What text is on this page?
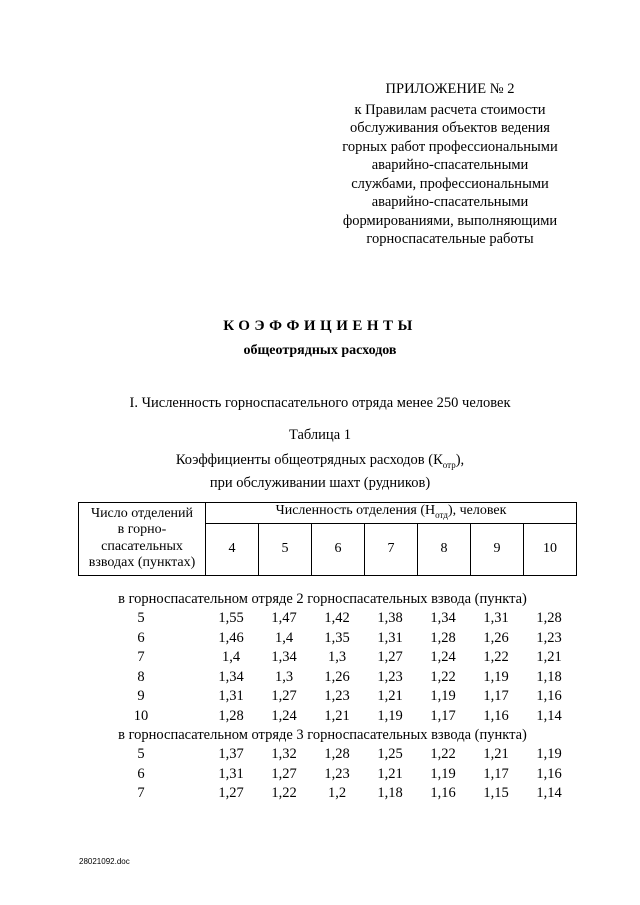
ПРИЛОЖЕНИЕ № 2
к Правилам расчета стоимости
обслуживания объектов ведения
горных работ профессиональными
аварийно-спасательными
службами, профессиональными
аварийно-спасательными
формированиями, выполняющими
горноспасательные работы
КОЭФФИЦИЕНТЫ
общеотрядных расходов
I. Численность горноспасательного отряда менее 250 человек
Таблица 1
Коэффициенты общеотрядных расходов $(К_{отр})$,
при обслуживании шахт (рудников)
Число отделений
в горно-
спасательных
взводах (пунктах)	Численность отделения $(Н_{отд})$, человек						
	4	5	6	7	8	9	10
в горноспасательном отряде 2 горноспасательных взвода (пункта)
5	1,55	1,47	1,42	1,38	1,34	1,31	1,28
6	1,46	1,4	1,35	1,31	1,28	1,26	1,23
7	1,4	1,34	1,3	1,27	1,24	1,22	1,21
8	1,34	1,3	1,26	1,23	1,22	1,19	1,18
9	1,31	1,27	1,23	1,21	1,19	1,17	1,16
10	1,28	1,24	1,21	1,19	1,17	1,16	1,14
в горноспасательном отряде 3 горноспасательных взвода (пункта)
5	1,37	1,32	1,28	1,25	1,22	1,21	1,19
6	1,31	1,27	1,23	1,21	1,19	1,17	1,16
7	1,27	1,22	1,2	1,18	1,16	1,15	1,14
28021092.doc
